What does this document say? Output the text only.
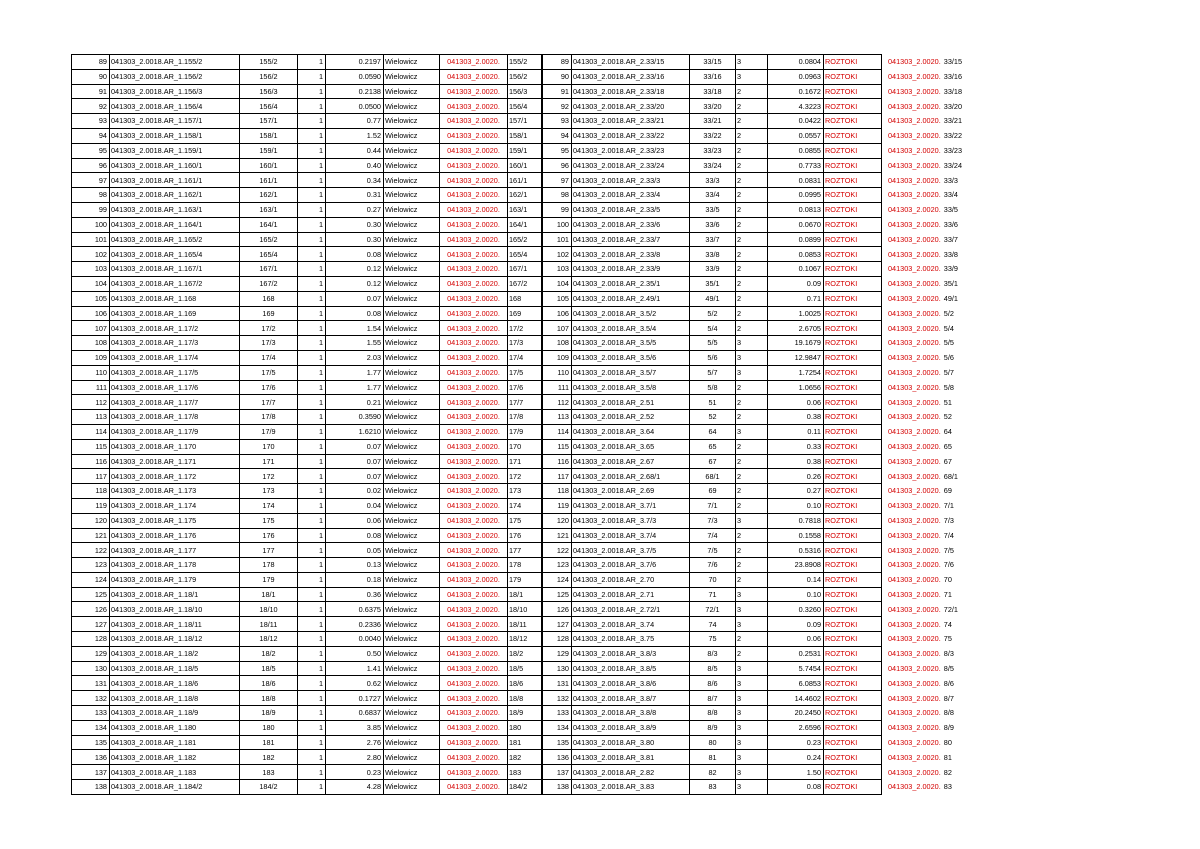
89	041303_2.0018.AR_1.155/2	155/2	1	0.2197	Wielowicz	041303_2.0020.	155/2
90	041303_2.0018.AR_1.156/2	156/2	1	0.0590	Wielowicz	041303_2.0020.	156/2
91	041303_2.0018.AR_1.156/3	156/3	1	0.2138	Wielowicz	041303_2.0020.	156/3
92	041303_2.0018.AR_1.156/4	156/4	1	0.0500	Wielowicz	041303_2.0020.	156/4
93	041303_2.0018.AR_1.157/1	157/1	1	0.77	Wielowicz	041303_2.0020.	157/1
94	041303_2.0018.AR_1.158/1	158/1	1	1.52	Wielowicz	041303_2.0020.	158/1
95	041303_2.0018.AR_1.159/1	159/1	1	0.44	Wielowicz	041303_2.0020.	159/1
96	041303_2.0018.AR_1.160/1	160/1	1	0.40	Wielowicz	041303_2.0020.	160/1
97	041303_2.0018.AR_1.161/1	161/1	1	0.34	Wielowicz	041303_2.0020.	161/1
98	041303_2.0018.AR_1.162/1	162/1	1	0.31	Wielowicz	041303_2.0020.	162/1
99	041303_2.0018.AR_1.163/1	163/1	1	0.27	Wielowicz	041303_2.0020.	163/1
100	041303_2.0018.AR_1.164/1	164/1	1	0.30	Wielowicz	041303_2.0020.	164/1
101	041303_2.0018.AR_1.165/2	165/2	1	0.30	Wielowicz	041303_2.0020.	165/2
102	041303_2.0018.AR_1.165/4	165/4	1	0.08	Wielowicz	041303_2.0020.	165/4
103	041303_2.0018.AR_1.167/1	167/1	1	0.12	Wielowicz	041303_2.0020.	167/1
104	041303_2.0018.AR_1.167/2	167/2	1	0.12	Wielowicz	041303_2.0020.	167/2
105	041303_2.0018.AR_1.168	168	1	0.07	Wielowicz	041303_2.0020.	168
106	041303_2.0018.AR_1.169	169	1	0.08	Wielowicz	041303_2.0020.	169
107	041303_2.0018.AR_1.17/2	17/2	1	1.54	Wielowicz	041303_2.0020.	17/2
108	041303_2.0018.AR_1.17/3	17/3	1	1.55	Wielowicz	041303_2.0020.	17/3
109	041303_2.0018.AR_1.17/4	17/4	1	2.03	Wielowicz	041303_2.0020.	17/4
110	041303_2.0018.AR_1.17/5	17/5	1	1.77	Wielowicz	041303_2.0020.	17/5
111	041303_2.0018.AR_1.17/6	17/6	1	1.77	Wielowicz	041303_2.0020.	17/6
112	041303_2.0018.AR_1.17/7	17/7	1	0.21	Wielowicz	041303_2.0020.	17/7
113	041303_2.0018.AR_1.17/8	17/8	1	0.3590	Wielowicz	041303_2.0020.	17/8
114	041303_2.0018.AR_1.17/9	17/9	1	1.6210	Wielowicz	041303_2.0020.	17/9
115	041303_2.0018.AR_1.170	170	1	0.07	Wielowicz	041303_2.0020.	170
116	041303_2.0018.AR_1.171	171	1	0.07	Wielowicz	041303_2.0020.	171
117	041303_2.0018.AR_1.172	172	1	0.07	Wielowicz	041303_2.0020.	172
118	041303_2.0018.AR_1.173	173	1	0.02	Wielowicz	041303_2.0020.	173
119	041303_2.0018.AR_1.174	174	1	0.04	Wielowicz	041303_2.0020.	174
120	041303_2.0018.AR_1.175	175	1	0.06	Wielowicz	041303_2.0020.	175
121	041303_2.0018.AR_1.176	176	1	0.08	Wielowicz	041303_2.0020.	176
122	041303_2.0018.AR_1.177	177	1	0.05	Wielowicz	041303_2.0020.	177
123	041303_2.0018.AR_1.178	178	1	0.13	Wielowicz	041303_2.0020.	178
124	041303_2.0018.AR_1.179	179	1	0.18	Wielowicz	041303_2.0020.	179
125	041303_2.0018.AR_1.18/1	18/1	1	0.36	Wielowicz	041303_2.0020.	18/1
126	041303_2.0018.AR_1.18/10	18/10	1	0.6375	Wielowicz	041303_2.0020.	18/10
127	041303_2.0018.AR_1.18/11	18/11	1	0.2336	Wielowicz	041303_2.0020.	18/11
128	041303_2.0018.AR_1.18/12	18/12	1	0.0040	Wielowicz	041303_2.0020.	18/12
129	041303_2.0018.AR_1.18/2	18/2	1	0.50	Wielowicz	041303_2.0020.	18/2
130	041303_2.0018.AR_1.18/5	18/5	1	1.41	Wielowicz	041303_2.0020.	18/5
131	041303_2.0018.AR_1.18/6	18/6	1	0.62	Wielowicz	041303_2.0020.	18/6
132	041303_2.0018.AR_1.18/8	18/8	1	0.1727	Wielowicz	041303_2.0020.	18/8
133	041303_2.0018.AR_1.18/9	18/9	1	0.6837	Wielowicz	041303_2.0020.	18/9
134	041303_2.0018.AR_1.180	180	1	3.85	Wielowicz	041303_2.0020.	180
135	041303_2.0018.AR_1.181	181	1	2.76	Wielowicz	041303_2.0020.	181
136	041303_2.0018.AR_1.182	182	1	2.80	Wielowicz	041303_2.0020.	182
137	041303_2.0018.AR_1.183	183	1	0.23	Wielowicz	041303_2.0020.	183
138	041303_2.0018.AR_1.184/2	184/2	1	4.28	Wielowicz	041303_2.0020.	184/2
89	041303_2.0018.AR_2.33/15	33/15	3	0.0804	ROZTOKI	041303_2.0020. 33/15
90	041303_2.0018.AR_2.33/16	33/16	3	0.0963	ROZTOKI	041303_2.0020. 33/16
91	041303_2.0018.AR_2.33/18	33/18	2	0.1672	ROZTOKI	041303_2.0020. 33/18
92	041303_2.0018.AR_2.33/20	33/20	2	4.3223	ROZTOKI	041303_2.0020. 33/20
93	041303_2.0018.AR_2.33/21	33/21	2	0.0422	ROZTOKI	041303_2.0020. 33/21
94	041303_2.0018.AR_2.33/22	33/22	2	0.0557	ROZTOKI	041303_2.0020. 33/22
95	041303_2.0018.AR_2.33/23	33/23	2	0.0855	ROZTOKI	041303_2.0020. 33/23
96	041303_2.0018.AR_2.33/24	33/24	2	0.7733	ROZTOKI	041303_2.0020. 33/24
97	041303_2.0018.AR_2.33/3	33/3	2	0.0831	ROZTOKI	041303_2.0020. 33/3
98	041303_2.0018.AR_2.33/4	33/4	2	0.0995	ROZTOKI	041303_2.0020. 33/4
99	041303_2.0018.AR_2.33/5	33/5	2	0.0813	ROZTOKI	041303_2.0020. 33/5
100	041303_2.0018.AR_2.33/6	33/6	2	0.0670	ROZTOKI	041303_2.0020. 33/6
101	041303_2.0018.AR_2.33/7	33/7	2	0.0899	ROZTOKI	041303_2.0020. 33/7
102	041303_2.0018.AR_2.33/8	33/8	2	0.0853	ROZTOKI	041303_2.0020. 33/8
103	041303_2.0018.AR_2.33/9	33/9	2	0.1067	ROZTOKI	041303_2.0020. 33/9
104	041303_2.0018.AR_2.35/1	35/1	2	0.09	ROZTOKI	041303_2.0020. 35/1
105	041303_2.0018.AR_2.49/1	49/1	2	0.71	ROZTOKI	041303_2.0020. 49/1
106	041303_2.0018.AR_3.5/2	5/2	2	1.0025	ROZTOKI	041303_2.0020. 5/2
107	041303_2.0018.AR_3.5/4	5/4	2	2.6705	ROZTOKI	041303_2.0020. 5/4
108	041303_2.0018.AR_3.5/5	5/5	3	19.1679	ROZTOKI	041303_2.0020. 5/5
109	041303_2.0018.AR_3.5/6	5/6	3	12.9847	ROZTOKI	041303_2.0020. 5/6
110	041303_2.0018.AR_3.5/7	5/7	3	1.7254	ROZTOKI	041303_2.0020. 5/7
111	041303_2.0018.AR_3.5/8	5/8	2	1.0656	ROZTOKI	041303_2.0020. 5/8
112	041303_2.0018.AR_2.51	51	2	0.06	ROZTOKI	041303_2.0020. 51
113	041303_2.0018.AR_2.52	52	2	0.38	ROZTOKI	041303_2.0020. 52
114	041303_2.0018.AR_3.64	64	3	0.11	ROZTOKI	041303_2.0020. 64
115	041303_2.0018.AR_3.65	65	2	0.33	ROZTOKI	041303_2.0020. 65
116	041303_2.0018.AR_2.67	67	2	0.38	ROZTOKI	041303_2.0020. 67
117	041303_2.0018.AR_2.68/1	68/1	2	0.26	ROZTOKI	041303_2.0020. 68/1
118	041303_2.0018.AR_2.69	69	2	0.27	ROZTOKI	041303_2.0020. 69
119	041303_2.0018.AR_3.7/1	7/1	2	0.10	ROZTOKI	041303_2.0020. 7/1
120	041303_2.0018.AR_3.7/3	7/3	3	0.7818	ROZTOKI	041303_2.0020. 7/3
121	041303_2.0018.AR_3.7/4	7/4	2	0.1558	ROZTOKI	041303_2.0020. 7/4
122	041303_2.0018.AR_3.7/5	7/5	2	0.5316	ROZTOKI	041303_2.0020. 7/5
123	041303_2.0018.AR_3.7/6	7/6	2	23.8908	ROZTOKI	041303_2.0020. 7/6
124	041303_2.0018.AR_2.70	70	2	0.14	ROZTOKI	041303_2.0020. 70
125	041303_2.0018.AR_2.71	71	3	0.10	ROZTOKI	041303_2.0020. 71
126	041303_2.0018.AR_2.72/1	72/1	3	0.3260	ROZTOKI	041303_2.0020. 72/1
127	041303_2.0018.AR_3.74	74	3	0.09	ROZTOKI	041303_2.0020. 74
128	041303_2.0018.AR_3.75	75	2	0.06	ROZTOKI	041303_2.0020. 75
129	041303_2.0018.AR_3.8/3	8/3	2	0.2531	ROZTOKI	041303_2.0020. 8/3
130	041303_2.0018.AR_3.8/5	8/5	3	5.7454	ROZTOKI	041303_2.0020. 8/5
131	041303_2.0018.AR_3.8/6	8/6	3	6.0853	ROZTOKI	041303_2.0020. 8/6
132	041303_2.0018.AR_3.8/7	8/7	3	14.4602	ROZTOKI	041303_2.0020. 8/7
133	041303_2.0018.AR_3.8/8	8/8	3	20.2450	ROZTOKI	041303_2.0020. 8/8
134	041303_2.0018.AR_3.8/9	8/9	3	2.6596	ROZTOKI	041303_2.0020. 8/9
135	041303_2.0018.AR_3.80	80	3	0.23	ROZTOKI	041303_2.0020. 80
136	041303_2.0018.AR_3.81	81	3	0.24	ROZTOKI	041303_2.0020. 81
137	041303_2.0018.AR_2.82	82	3	1.50	ROZTOKI	041303_2.0020. 82
138	041303_2.0018.AR_3.83	83	3	0.08	ROZTOKI	041303_2.0020. 83
